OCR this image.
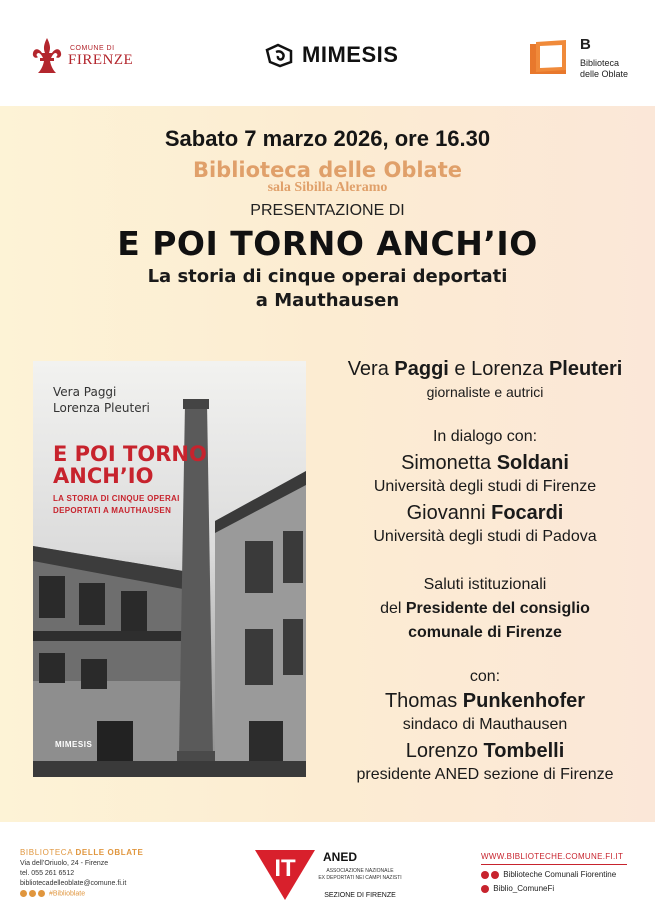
COMUNE DI
FIRENZE	MIMESIS	B
Biblioteca
delle Oblate
Sabato 7 marzo 2026, ore 16.30
Biblioteca delle Oblate
sala Sibilla Aleramo
PRESENTAZIONE DI
E POI TORNO ANCH’IO
La storia di cinque operai deportati
a Mauthausen
Vera Paggi
Lorenza Pleuteri
E POI TORNO
ANCH’IO
LA STORIA DI CINQUE OPERAI
DEPORTATI A MAUTHAUSEN
MIMESIS
Vera Paggi e Lorenza Pleuteri
giornaliste e autrici
In dialogo con:
Simonetta Soldani
Università degli studi di Firenze
Giovanni Focardi
Università degli studi di Padova
Saluti istituzionali
del Presidente del consiglio
comunale di Firenze
con:
Thomas Punkenhofer
sindaco di Mauthausen
Lorenzo Tombelli
presidente ANED sezione di Firenze
BIBLIOTECA DELLE OBLATE
Via dell’Oriuolo, 24 - Firenze
tel. 055 261 6512
bibliotecadelleoblate@comune.fi.it
#Biblioblate
IT ANED
ASSOCIAZIONE NAZIONALE
EX DEPORTATI NEI CAMPI NAZISTI
SEZIONE DI FIRENZE
WWW.BIBLIOTECHE.COMUNE.FI.IT
Biblioteche Comunali Fiorentine
Biblio_ComuneFi
